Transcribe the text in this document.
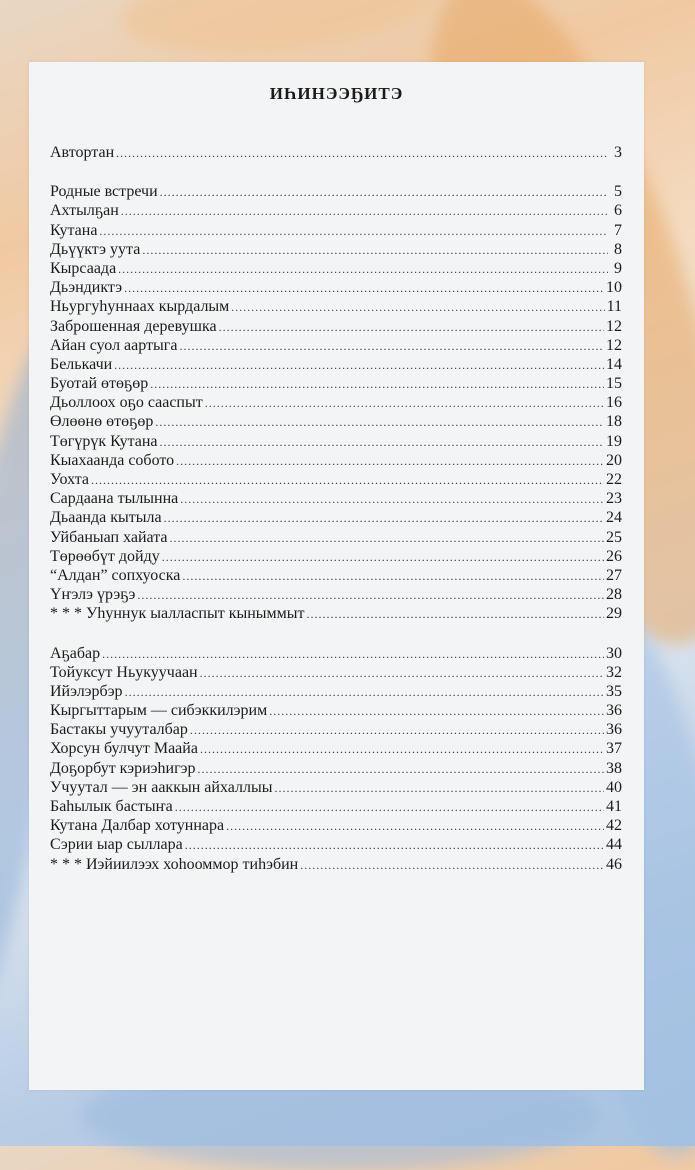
ИҺИНЭЭҔИТЭ
Автортан .....	3
Родные встречи .....	5
Ахтылҕан .....	6
Кутана .....	7
Дьүүктэ уута .....	8
Кырсаада .....	9
Дьэндиктэ .....	10
Ньургуһуннаах кырдалым .....	11
Заброшенная деревушка .....	12
Айан суол аартыгa .....	12
Белькачи .....	14
Буотай өтөҕөр .....	15
Дьоллоох оҕо сааспыт .....	16
Өлөөнө өтөҕөр .....	18
Төгүрүк Кутана .....	19
Кыахаанда собото .....	20
Уохта .....	22
Сардаана тылынна .....	23
Дьаанда кытыла .....	24
Уйбаныап хайата .....	25
Төрөөбүт дойду .....	26
“Алдан” сопхуоска .....	27
Үҥэлэ үрэҕэ .....	28
* * * Уһуннук ыалласпыт кыныммыт .....	29
Аҕабар .....	30
Тойуксут Ньукуучаан .....	32
Ийэлэрбэр .....	35
Кыргыттарым — сибэккилэрим .....	36
Бастакы учууталбар .....	36
Хорсун булчут Маайа .....	37
Доҕорбут кэриэһигэр .....	38
Учуутал — эн ааккын айхаллыы .....	40
Баһылык бастыҥа .....	41
Кутана Далбар хотуннара .....	42
Сэрии ыар сыллара .....	44
* * * Иэйиилээх хоһооммор тиһэбин .....	46
